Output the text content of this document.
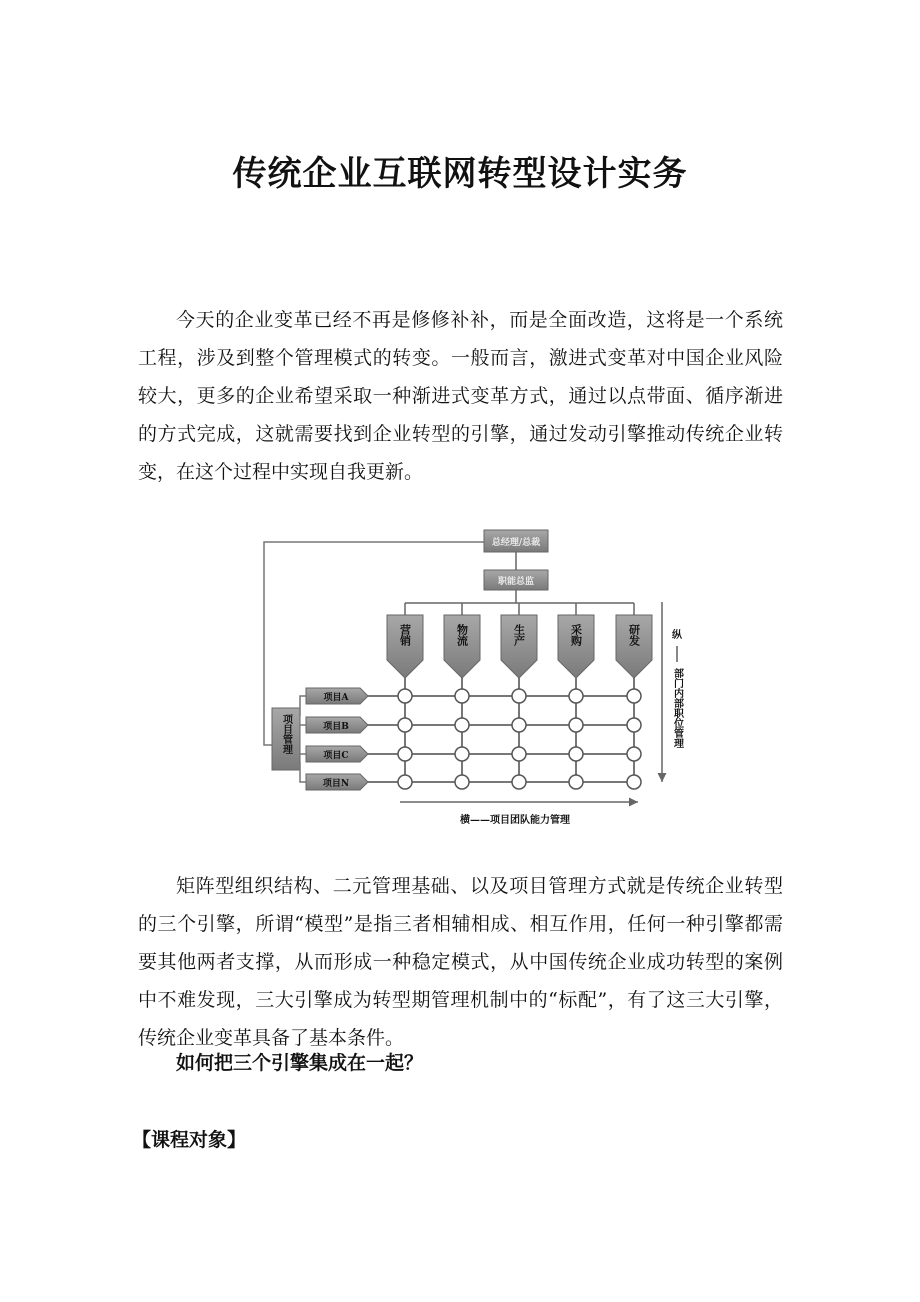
传统企业互联网转型设计实务

今天的企业变革已经不再是修修补补，而是全面改造，这将是一个系统工程，涉及到整个管理模式的转变。一般而言，激进式变革对中国企业风险较大，更多的企业希望采取一种渐进式变革方式，通过以点带面、循序渐进的方式完成，这就需要找到企业转型的引擎，通过发动引擎推动传统企业转变，在这个过程中实现自我更新。

总经理/总裁
职能总监
营销	物流	生产	采购	研发
项目管理
项目A
项目B
项目C
项目N
纵
部门内部职位管理
横——项目团队能力管理

矩阵型组织结构、二元管理基础、以及项目管理方式就是传统企业转型的三个引擎，所谓“模型”是指三者相辅相成、相互作用，任何一种引擎都需要其他两者支撑，从而形成一种稳定模式，从中国传统企业成功转型的案例中不难发现，三大引擎成为转型期管理机制中的“标配”，有了这三大引擎，传统企业变革具备了基本条件。

如何把三个引擎集成在一起？
【课程对象】
